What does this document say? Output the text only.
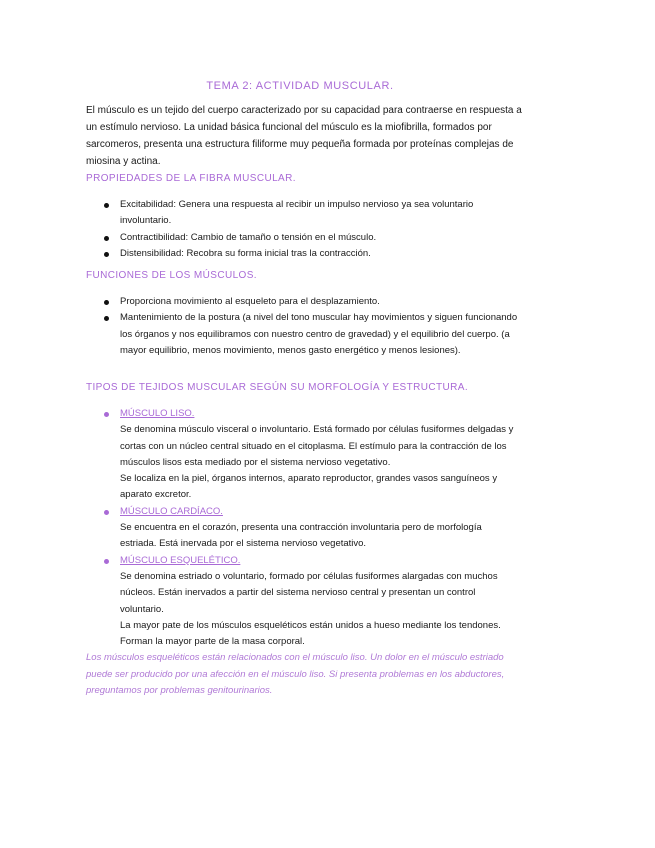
TEMA 2: ACTIVIDAD MUSCULAR.
El músculo es un tejido del cuerpo caracterizado por su capacidad para contraerse en respuesta a un estímulo nervioso. La unidad básica funcional del músculo es la miofibrilla, formados por sarcomeros, presenta una estructura filiforme muy pequeña formada por proteínas complejas de miosina y actina.
PROPIEDADES DE LA FIBRA MUSCULAR.
Excitabilidad: Genera una respuesta al recibir un impulso nervioso ya sea voluntario involuntario.
Contractibilidad: Cambio de tamaño o tensión en el músculo.
Distensibilidad: Recobra su forma inicial tras la contracción.
FUNCIONES DE LOS MÚSCULOS.
Proporciona movimiento al esqueleto para el desplazamiento.
Mantenimiento de la postura (a nivel del tono muscular hay movimientos y siguen funcionando los órganos y nos equilibramos con nuestro centro de gravedad) y el equilibrio del cuerpo. (a mayor equilibrio, menos movimiento, menos gasto energético y menos lesiones).
TIPOS DE TEJIDOS MUSCULAR SEGÚN SU MORFOLOGÍA Y ESTRUCTURA.
MÚSCULO LISO.
Se denomina músculo visceral o involuntario. Está formado por células fusiformes delgadas y cortas con un núcleo central situado en el citoplasma. El estímulo para la contracción de los músculos lisos esta mediado por el sistema nervioso vegetativo.
Se localiza en la piel, órganos internos, aparato reproductor, grandes vasos sanguíneos y aparato excretor.
MÚSCULO CARDÍACO.
Se encuentra en el corazón, presenta una contracción involuntaria pero de morfología estriada. Está inervada por el sistema nervioso vegetativo.
MÚSCULO ESQUELÉTICO.
Se denomina estriado o voluntario, formado por células fusiformes alargadas con muchos núcleos. Están inervados a partir del sistema nervioso central y presentan un control voluntario.
La mayor pate de los músculos esqueléticos están unidos a hueso mediante los tendones. Forman la mayor parte de la masa corporal.
Los músculos esqueléticos están relacionados con el músculo liso. Un dolor en el músculo estriado puede ser producido por una afección en el músculo liso. Si presenta problemas en los abductores, preguntamos por problemas genitourinarios.
